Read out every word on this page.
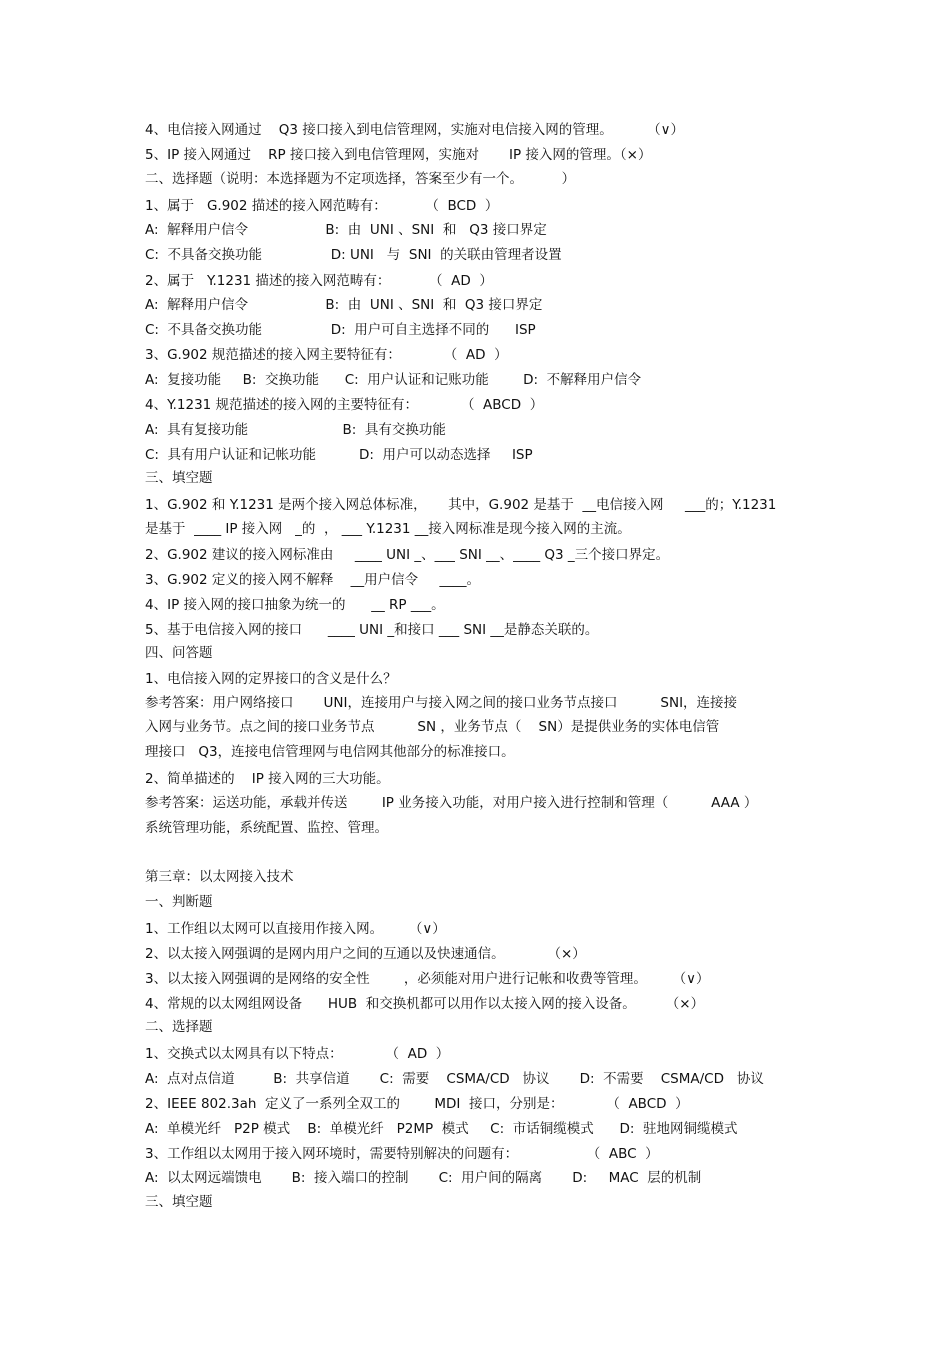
4、电信接入网通过    Q3 接口接入到电信管理网，实施对电信接入网的管理。        （∨）
5、IP 接入网通过    RP 接口接入到电信管理网，实施对       IP 接入网的管理。（×）
二、选择题（说明：本选择题为不定项选择，答案至少有一个。         ）
1、属于   G.902 描述的接入网范畴有：         （  BCD  ）
A:  解释用户信令                  B:  由  UNI 、SNI  和   Q3 接口界定
C:  不具备交换功能                D: UNI   与  SNI  的关联由管理者设置
2、属于   Y.1231 描述的接入网范畴有：         （  AD  ）
A:  解释用户信令                  B:  由  UNI 、SNI  和  Q3 接口界定
C:  不具备交换功能                D:  用户可自主选择不同的      ISP
3、G.902 规范描述的接入网主要特征有：          （  AD  ）
A:  复接功能     B:  交换功能      C:  用户认证和记账功能        D:  不解释用户信令
4、Y.1231 规范描述的接入网的主要特征有：          （  ABCD  ）
A:  具有复接功能                      B:  具有交换功能
C:  具有用户认证和记帐功能          D:  用户可以动态选择     ISP
三、填空题
1、G.902 和 Y.1231 是两个接入网总体标准，     其中，G.902 是基于  __电信接入网     ___的；Y.1231
是基于  ____ IP 接入网   _的  ， ___ Y.1231 __接入网标准是现今接入网的主流。
2、G.902 建议的接入网标准由     ____ UNI _、___ SNI __、____ Q3 _三个接口界定。
3、G.902 定义的接入网不解释    __用户信令     ____。
4、IP 接入网的接口抽象为统一的      __ RP ___。
5、基于电信接入网的接口      ____ UNI _和接口 ___ SNI __是静态关联的。
四、问答题
1、电信接入网的定界接口的含义是什么？
参考答案：用户网络接口       UNI，连接用户与接入网之间的接口业务节点接口          SNI，连接接
入网与业务节。点之间的接口业务节点          SN ，业务节点（    SN）是提供业务的实体电信管
理接口   Q3，连接电信管理网与电信网其他部分的标准接口。
2、简单描述的    IP 接入网的三大功能。
参考答案：运送功能，承载并传送        IP 业务接入功能，对用户接入进行控制和管理（          AAA ）
系统管理功能，系统配置、监控、管理。
第三章：以太网接入技术
一、判断题
1、工作组以太网可以直接用作接入网。      （∨）
2、以太接入网强调的是网内用户之间的互通以及快速通信。          （×）
3、以太接入网强调的是网络的安全性        ，必须能对用户进行记帐和收费等管理。      （∨）
4、常规的以太网组网设备      HUB  和交换机都可以用作以太接入网的接入设备。       （×）
二、选择题
1、交换式以太网具有以下特点：          （  AD  ）
A:  点对点信道         B:  共享信道       C:  需要    CSMA/CD   协议       D:  不需要    CSMA/CD   协议
2、IEEE 802.3ah  定义了一系列全双工的        MDI  接口，分别是：          （  ABCD  ）
A:  单模光纤   P2P 模式    B:  单模光纤   P2MP  模式     C:  市话铜缆模式      D:  驻地网铜缆模式
3、工作组以太网用于接入网环境时，需要特别解决的问题有：                （  ABC  ）
A:  以太网远端馈电       B:  接入端口的控制       C:  用户间的隔离       D:     MAC  层的机制
三、填空题
